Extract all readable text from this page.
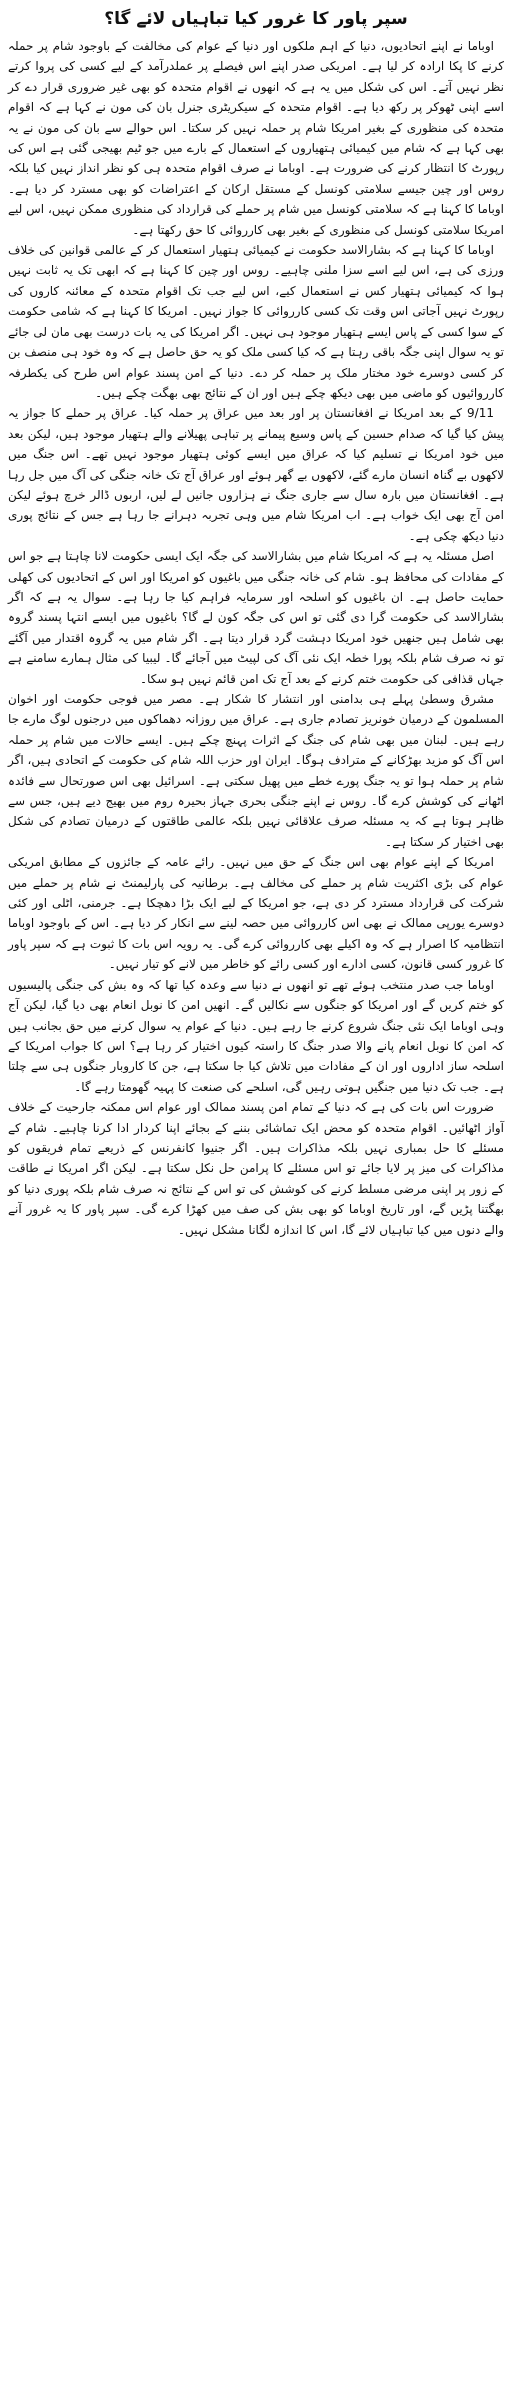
سپر پاور کا غرور کیا تباہیاں لائے گا؟

اوباما نے اپنے اتحادیوں، دنیا کے اہم ملکوں اور دنیا کے عوام کی مخالفت کے باوجود شام پر حملہ کرنے کا پکا ارادہ کر لیا ہے۔ امریکی صدر اپنے اس فیصلے پر عملدرآمد کے لیے کسی کی پروا کرتے نظر نہیں آتے۔ اس کی شکل میں یہ ہے کہ انھوں نے اقوام متحدہ کو بھی غیر ضروری قرار دے کر اسے اپنی ٹھوکر پر رکھ دیا ہے۔ اقوام متحدہ کے سیکریٹری جنرل بان کی مون نے کہا ہے کہ اقوام متحدہ کی منظوری کے بغیر امریکا شام پر حملہ نہیں کر سکتا۔ اس حوالے سے بان کی مون نے یہ بھی کہا ہے کہ شام میں کیمیائی ہتھیاروں کے استعمال کے بارے میں جو ٹیم بھیجی گئی ہے اس کی رپورٹ کا انتظار کرنے کی ضرورت ہے۔ اوباما نے صرف اقوام متحدہ ہی کو نظر انداز نہیں کیا بلکہ روس اور چین جیسے سلامتی کونسل کے مستقل ارکان کے اعتراضات کو بھی مسترد کر دیا ہے۔ اوباما کا کہنا ہے کہ سلامتی کونسل میں شام پر حملے کی قرارداد کی منظوری ممکن نہیں، اس لیے امریکا سلامتی کونسل کی منظوری کے بغیر بھی کارروائی کا حق رکھتا ہے۔

اوباما کا کہنا ہے کہ بشارالاسد حکومت نے کیمیائی ہتھیار استعمال کر کے عالمی قوانین کی خلاف ورزی کی ہے، اس لیے اسے سزا ملنی چاہیے۔ روس اور چین کا کہنا ہے کہ ابھی تک یہ ثابت نہیں ہوا کہ کیمیائی ہتھیار کس نے استعمال کیے، اس لیے جب تک اقوام متحدہ کے معائنہ کاروں کی رپورٹ نہیں آجاتی اس وقت تک کسی کارروائی کا جواز نہیں۔ امریکا کا کہنا ہے کہ شامی حکومت کے سوا کسی کے پاس ایسے ہتھیار موجود ہی نہیں۔ اگر امریکا کی یہ بات درست بھی مان لی جائے تو یہ سوال اپنی جگہ باقی رہتا ہے کہ کیا کسی ملک کو یہ حق حاصل ہے کہ وہ خود ہی منصف بن کر کسی دوسرے خود مختار ملک پر حملہ کر دے۔ دنیا کے امن پسند عوام اس طرح کی یکطرفہ کارروائیوں کو ماضی میں بھی دیکھ چکے ہیں اور ان کے نتائج بھی بھگت چکے ہیں۔

9/11 کے بعد امریکا نے افغانستان پر اور بعد میں عراق پر حملہ کیا۔ عراق پر حملے کا جواز یہ پیش کیا گیا کہ صدام حسین کے پاس وسیع پیمانے پر تباہی پھیلانے والے ہتھیار موجود ہیں، لیکن بعد میں خود امریکا نے تسلیم کیا کہ عراق میں ایسے کوئی ہتھیار موجود نہیں تھے۔ اس جنگ میں لاکھوں بے گناہ انسان مارے گئے، لاکھوں بے گھر ہوئے اور عراق آج تک خانہ جنگی کی آگ میں جل رہا ہے۔ افغانستان میں بارہ سال سے جاری جنگ نے ہزاروں جانیں لے لیں، اربوں ڈالر خرچ ہوئے لیکن امن آج بھی ایک خواب ہے۔ اب امریکا شام میں وہی تجربہ دہرانے جا رہا ہے جس کے نتائج پوری دنیا دیکھ چکی ہے۔

اصل مسئلہ یہ ہے کہ امریکا شام میں بشارالاسد کی جگہ ایک ایسی حکومت لانا چاہتا ہے جو اس کے مفادات کی محافظ ہو۔ شام کی خانہ جنگی میں باغیوں کو امریکا اور اس کے اتحادیوں کی کھلی حمایت حاصل ہے۔ ان باغیوں کو اسلحہ اور سرمایہ فراہم کیا جا رہا ہے۔ سوال یہ ہے کہ اگر بشارالاسد کی حکومت گرا دی گئی تو اس کی جگہ کون لے گا؟ باغیوں میں ایسے انتہا پسند گروہ بھی شامل ہیں جنھیں خود امریکا دہشت گرد قرار دیتا ہے۔ اگر شام میں یہ گروہ اقتدار میں آگئے تو نہ صرف شام بلکہ پورا خطہ ایک نئی آگ کی لپیٹ میں آجائے گا۔ لیبیا کی مثال ہمارے سامنے ہے جہاں قذافی کی حکومت ختم کرنے کے بعد آج تک امن قائم نہیں ہو سکا۔

مشرق وسطیٰ پہلے ہی بدامنی اور انتشار کا شکار ہے۔ مصر میں فوجی حکومت اور اخوان المسلمون کے درمیان خونریز تصادم جاری ہے۔ عراق میں روزانہ دھماکوں میں درجنوں لوگ مارے جا رہے ہیں۔ لبنان میں بھی شام کی جنگ کے اثرات پہنچ چکے ہیں۔ ایسے حالات میں شام پر حملہ اس آگ کو مزید بھڑکانے کے مترادف ہوگا۔ ایران اور حزب اللہ شام کی حکومت کے اتحادی ہیں، اگر شام پر حملہ ہوا تو یہ جنگ پورے خطے میں پھیل سکتی ہے۔ اسرائیل بھی اس صورتحال سے فائدہ اٹھانے کی کوشش کرے گا۔ روس نے اپنے جنگی بحری جہاز بحیرہ روم میں بھیج دیے ہیں، جس سے ظاہر ہوتا ہے کہ یہ مسئلہ صرف علاقائی نہیں بلکہ عالمی طاقتوں کے درمیان تصادم کی شکل بھی اختیار کر سکتا ہے۔

امریکا کے اپنے عوام بھی اس جنگ کے حق میں نہیں۔ رائے عامہ کے جائزوں کے مطابق امریکی عوام کی بڑی اکثریت شام پر حملے کی مخالف ہے۔ برطانیہ کی پارلیمنٹ نے شام پر حملے میں شرکت کی قرارداد مسترد کر دی ہے، جو امریکا کے لیے ایک بڑا دھچکا ہے۔ جرمنی، اٹلی اور کئی دوسرے یورپی ممالک نے بھی اس کارروائی میں حصہ لینے سے انکار کر دیا ہے۔ اس کے باوجود اوباما انتظامیہ کا اصرار ہے کہ وہ اکیلے بھی کارروائی کرے گی۔ یہ رویہ اس بات کا ثبوت ہے کہ سپر پاور کا غرور کسی قانون، کسی ادارے اور کسی رائے کو خاطر میں لانے کو تیار نہیں۔

اوباما جب صدر منتخب ہوئے تھے تو انھوں نے دنیا سے وعدہ کیا تھا کہ وہ بش کی جنگی پالیسیوں کو ختم کریں گے اور امریکا کو جنگوں سے نکالیں گے۔ انھیں امن کا نوبل انعام بھی دیا گیا، لیکن آج وہی اوباما ایک نئی جنگ شروع کرنے جا رہے ہیں۔ دنیا کے عوام یہ سوال کرنے میں حق بجانب ہیں کہ امن کا نوبل انعام پانے والا صدر جنگ کا راستہ کیوں اختیار کر رہا ہے؟ اس کا جواب امریکا کے اسلحہ ساز اداروں اور ان کے مفادات میں تلاش کیا جا سکتا ہے، جن کا کاروبار جنگوں ہی سے چلتا ہے۔ جب تک دنیا میں جنگیں ہوتی رہیں گی، اسلحے کی صنعت کا پہیہ گھومتا رہے گا۔

ضرورت اس بات کی ہے کہ دنیا کے تمام امن پسند ممالک اور عوام اس ممکنہ جارحیت کے خلاف آواز اٹھائیں۔ اقوام متحدہ کو محض ایک تماشائی بننے کے بجائے اپنا کردار ادا کرنا چاہیے۔ شام کے مسئلے کا حل بمباری نہیں بلکہ مذاکرات ہیں۔ اگر جنیوا کانفرنس کے ذریعے تمام فریقوں کو مذاکرات کی میز پر لایا جائے تو اس مسئلے کا پرامن حل نکل سکتا ہے۔ لیکن اگر امریکا نے طاقت کے زور پر اپنی مرضی مسلط کرنے کی کوشش کی تو اس کے نتائج نہ صرف شام بلکہ پوری دنیا کو بھگتنا پڑیں گے، اور تاریخ اوباما کو بھی بش کی صف میں کھڑا کرے گی۔ سپر پاور کا یہ غرور آنے والے دنوں میں کیا تباہیاں لائے گا، اس کا اندازہ لگانا مشکل نہیں۔
